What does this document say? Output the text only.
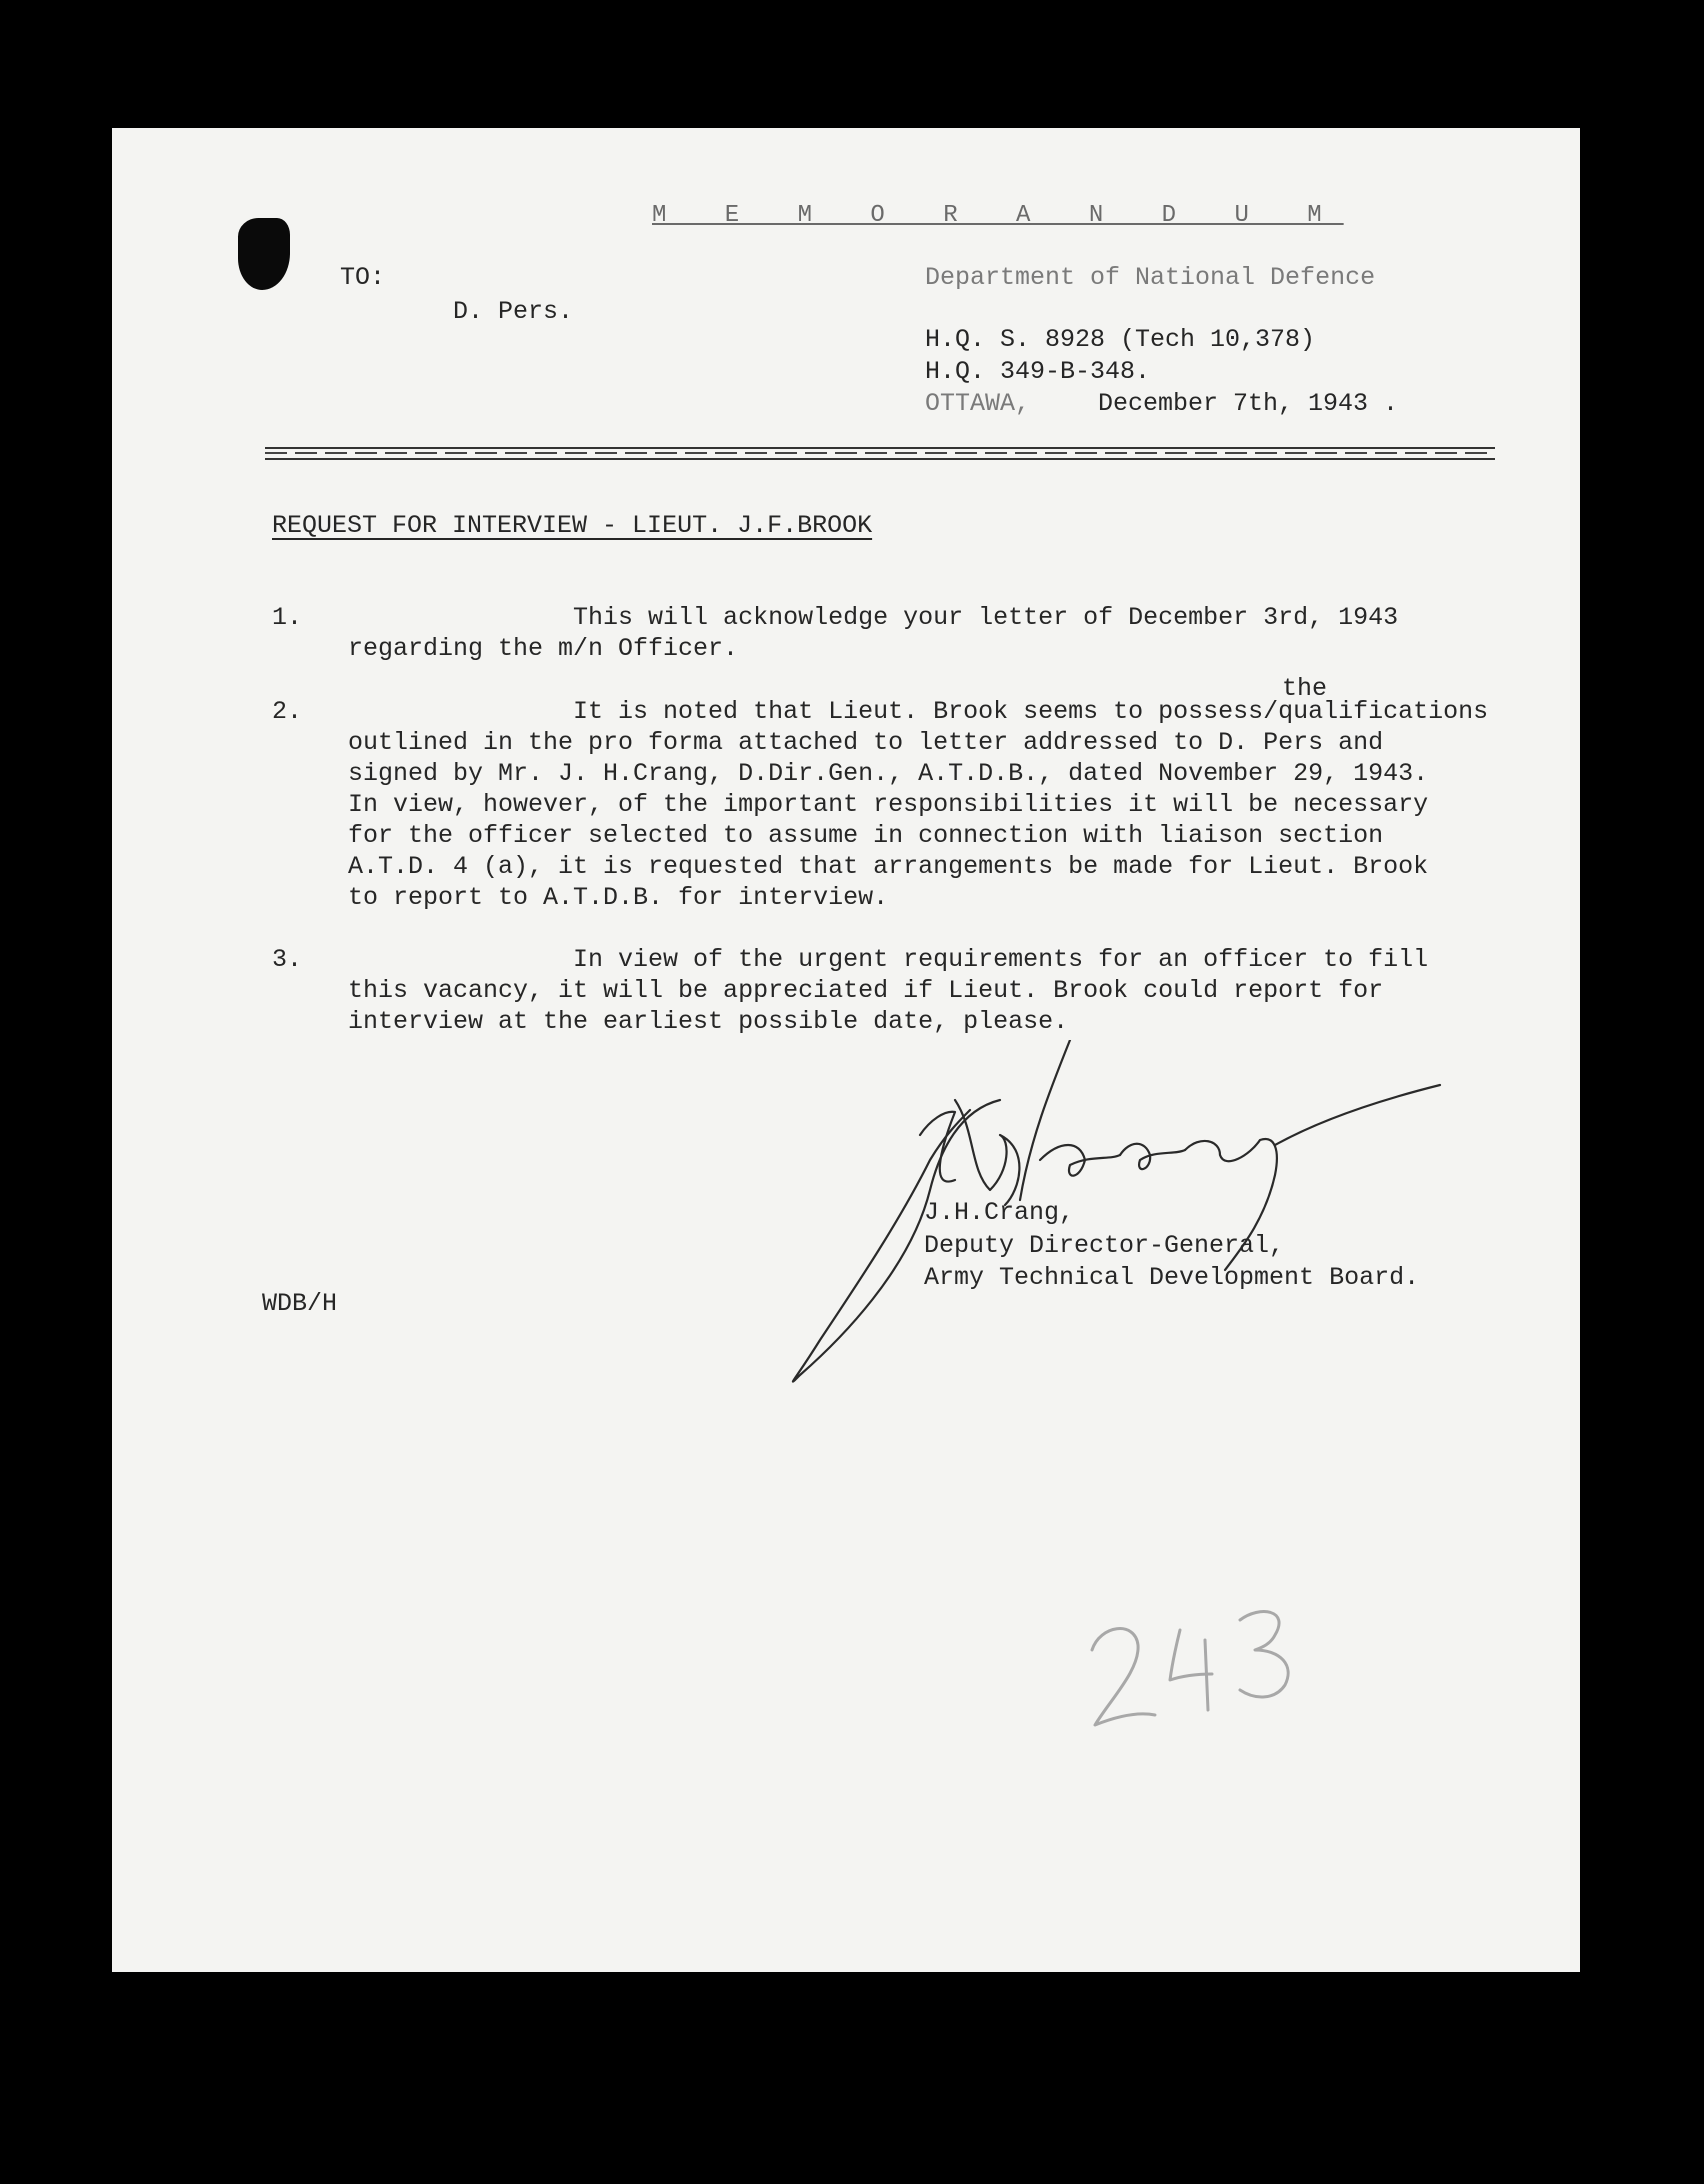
M E M O R A N D U M
TO:
D. Pers.
Department of National Defence
H.Q. S. 8928 (Tech 10,378)
H.Q. 349-B-348.
OTTAWA,	December 7th, 1943 .
REQUEST FOR INTERVIEW - LIEUT. J.F.BROOK
1. This will acknowledge your letter of December 3rd, 1943

regarding the m/n Officer.

the
2. It is noted that Lieut. Brook seems to possess/qualifications

outlined in the pro forma attached to letter addressed to D. Pers and

signed by Mr. J. H.Crang, D.Dir.Gen., A.T.D.B., dated November 29, 1943.

In view, however, of the important responsibilities it will be necessary

for the officer selected to assume in connection with liaison section

A.T.D. 4 (a), it is requested that arrangements be made for Lieut. Brook

to report to A.T.D.B. for interview.

3. In view of the urgent requirements for an officer to fill

this vacancy, it will be appreciated if Lieut. Brook could report for

interview at the earliest possible date, please.

J.H.Crang,
Deputy Director-General,
Army Technical Development Board.
WDB/H
